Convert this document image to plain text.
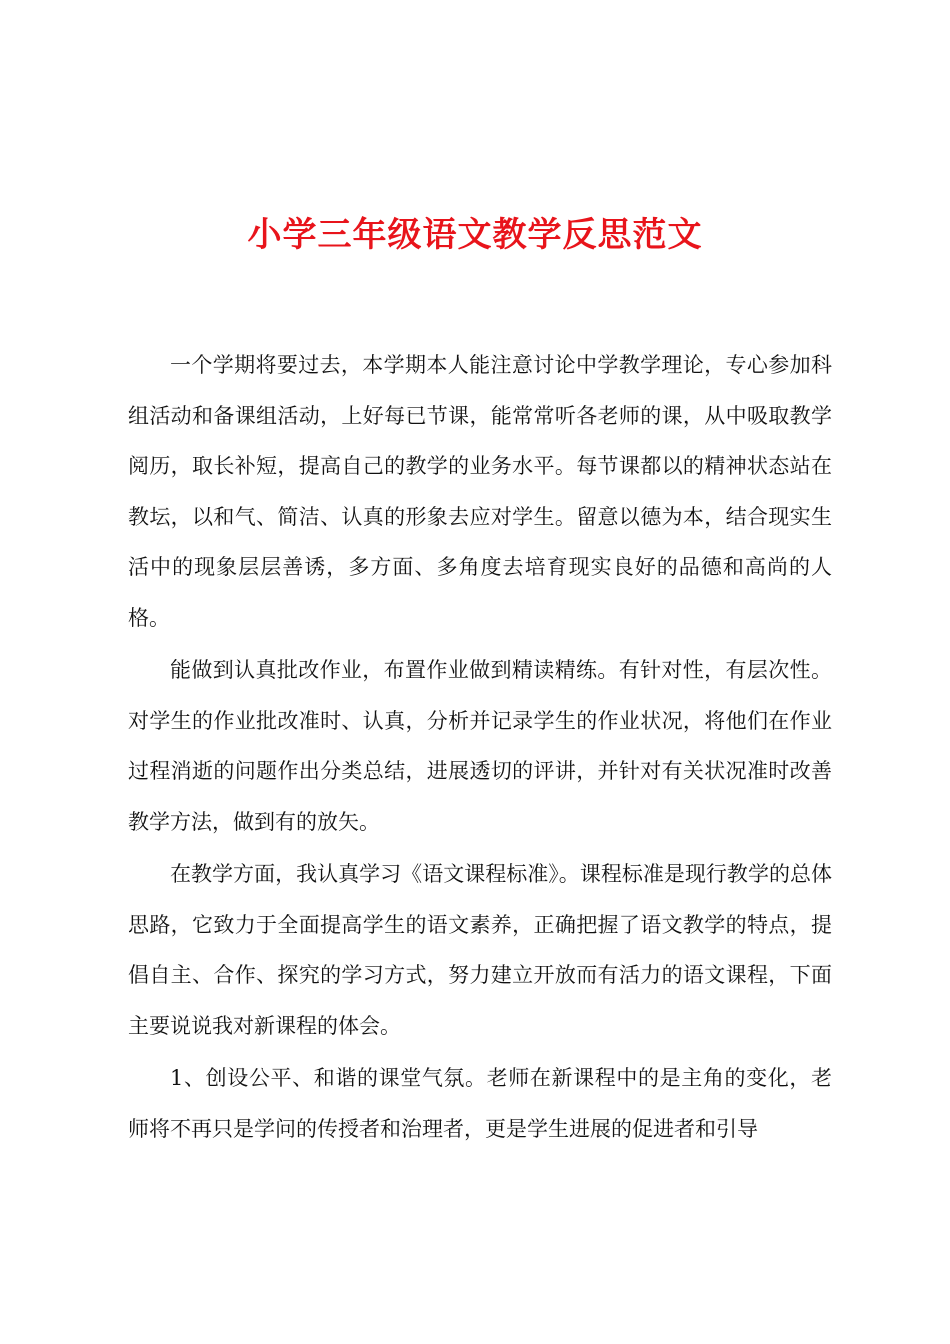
小学三年级语文教学反思范文

一个学期将要过去，本学期本人能注意讨论中学教学理论，专心参加科组活动和备课组活动，上好每已节课，能常常听各老师的课，从中吸取教学阅历，取长补短，提高自己的教学的业务水平。每节课都以的精神状态站在教坛，以和气、简洁、认真的形象去应对学生。留意以德为本，结合现实生活中的现象层层善诱，多方面、多角度去培育现实良好的品德和高尚的人格。

能做到认真批改作业，布置作业做到精读精练。有针对性，有层次性。对学生的作业批改准时、认真，分析并记录学生的作业状况，将他们在作业过程消逝的问题作出分类总结，进展透切的评讲，并针对有关状况准时改善教学方法，做到有的放矢。

在教学方面，我认真学习《语文课程标准》。课程标准是现行教学的总体思路，它致力于全面提高学生的语文素养，正确把握了语文教学的特点，提倡自主、合作、探究的学习方式，努力建立开放而有活力的语文课程，下面主要说说我对新课程的体会。

1、创设公平、和谐的课堂气氛。老师在新课程中的是主角的变化，老师将不再只是学问的传授者和治理者，更是学生进展的促进者和引导
